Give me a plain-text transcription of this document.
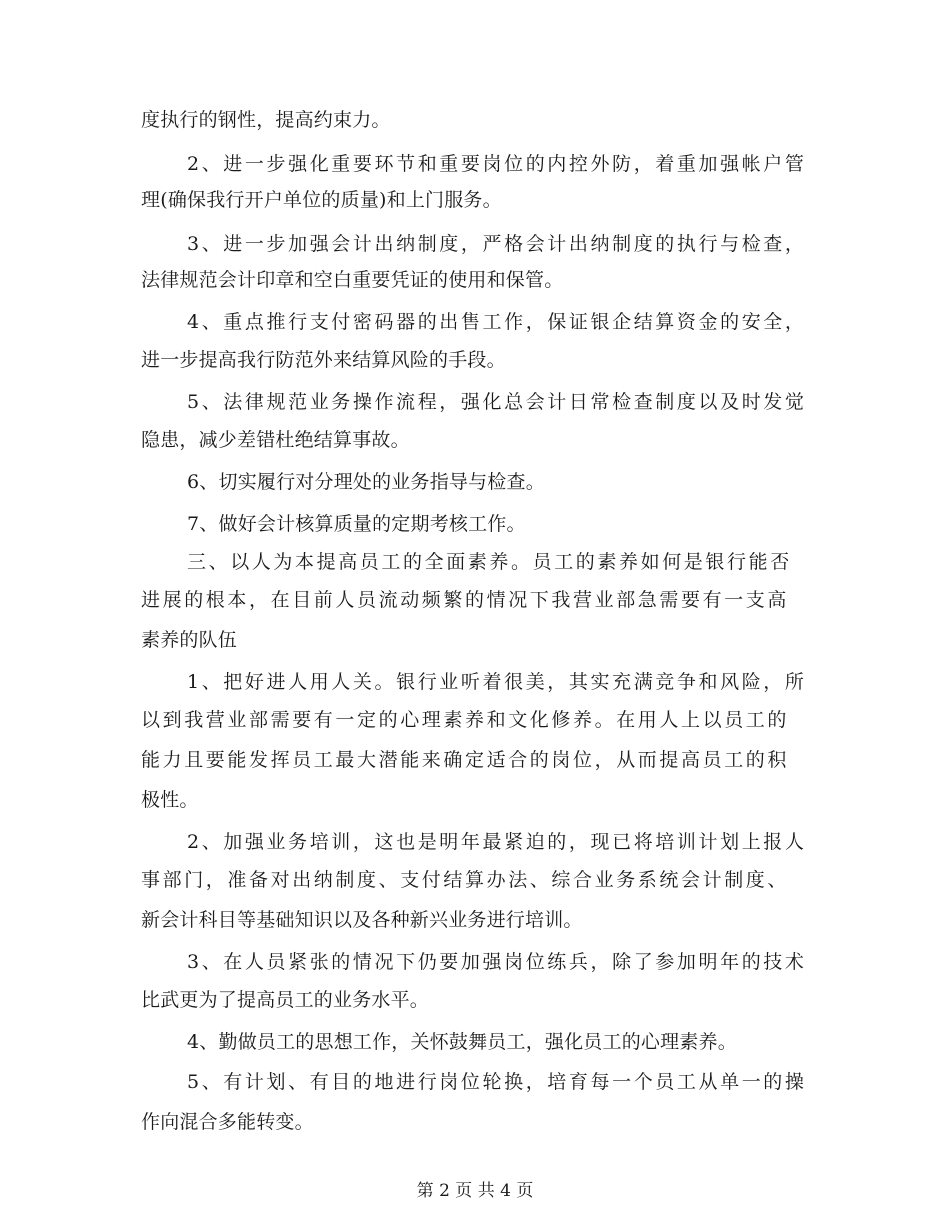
度执行的钢性，提高约束力。
2、进一步强化重要环节和重要岗位的内控外防，着重加强帐户管
理(确保我行开户单位的质量)和上门服务。
3、进一步加强会计出纳制度，严格会计出纳制度的执行与检查，
法律规范会计印章和空白重要凭证的使用和保管。
4、重点推行支付密码器的出售工作，保证银企结算资金的安全，
进一步提高我行防范外来结算风险的手段。
5、法律规范业务操作流程，强化总会计日常检查制度以及时发觉
隐患，减少差错杜绝结算事故。
6、切实履行对分理处的业务指导与检查。
7、做好会计核算质量的定期考核工作。
三、以人为本提高员工的全面素养。员工的素养如何是银行能否
进展的根本，在目前人员流动频繁的情况下我营业部急需要有一支高
素养的队伍
1、把好进人用人关。银行业听着很美，其实充满竞争和风险，所
以到我营业部需要有一定的心理素养和文化修养。在用人上以员工的
能力且要能发挥员工最大潜能来确定适合的岗位，从而提高员工的积
极性。
2、加强业务培训，这也是明年最紧迫的，现已将培训计划上报人
事部门，准备对出纳制度、支付结算办法、综合业务系统会计制度、
新会计科目等基础知识以及各种新兴业务进行培训。
3、在人员紧张的情况下仍要加强岗位练兵，除了参加明年的技术
比武更为了提高员工的业务水平。
4、勤做员工的思想工作，关怀鼓舞员工，强化员工的心理素养。
5、有计划、有目的地进行岗位轮换，培育每一个员工从单一的操
作向混合多能转变。
第 2 页 共 4 页
